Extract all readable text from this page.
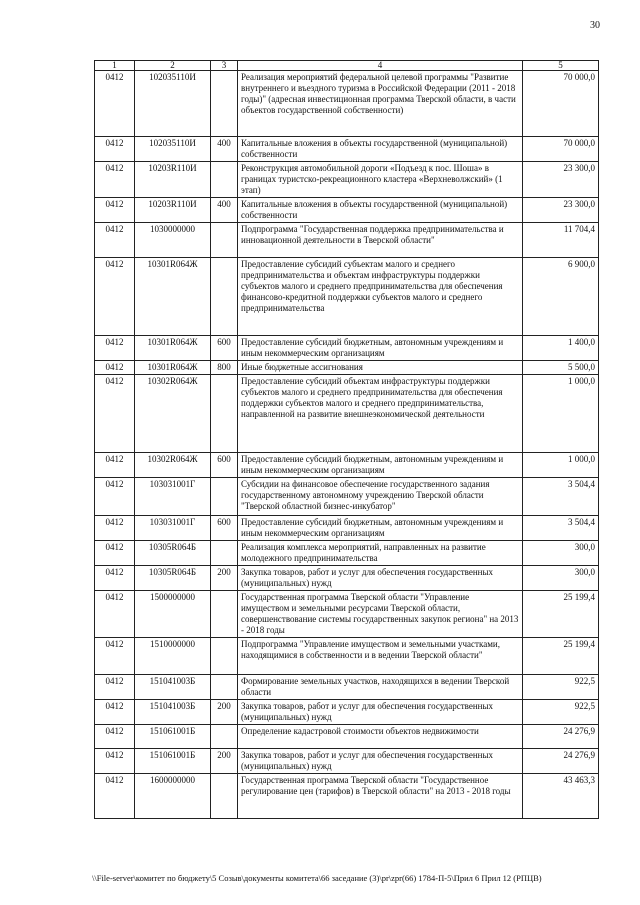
30
1	2	3	4	5
0412	102035110И		Реализация мероприятий федеральной целевой программы "Развитие внутреннего и въездного туризма в Российской Федерации (2011 - 2018 годы)" (адресная инвестиционная программа Тверской области, в части объектов государственной собственности)	70 000,0
0412	102035110И	400	Капитальные вложения в объекты государственной (муниципальной) собственности	70 000,0
0412	10203R110И		Реконструкция автомобильной дороги «Подъезд к пос. Шоша» в границах туристско-рекреационного кластера «Верхневолжский» (1 этап)	23 300,0
0412	10203R110И	400	Капитальные вложения в объекты государственной (муниципальной) собственности	23 300,0
0412	1030000000		Подпрограмма "Государственная поддержка предпринимательства и инновационной деятельности в Тверской области"	11 704,4
0412	10301R064Ж		Предоставление субсидий субъектам малого и среднего предпринимательства и объектам инфраструктуры поддержки субъектов малого и среднего предпринимательства для обеспечения финансово-кредитной поддержки субъектов малого и среднего предпринимательства	6 900,0
0412	10301R064Ж	600	Предоставление субсидий бюджетным, автономным учреждениям и иным некоммерческим организациям	1 400,0
0412	10301R064Ж	800	Иные бюджетные ассигнования	5 500,0
0412	10302R064Ж		Предоставление субсидий объектам инфраструктуры поддержки субъектов малого и среднего предпринимательства для обеспечения поддержки субъектов малого и среднего предпринимательства, направленной на развитие внешнеэкономической деятельности	1 000,0
0412	10302R064Ж	600	Предоставление субсидий бюджетным, автономным учреждениям и иным некоммерческим организациям	1 000,0
0412	103031001Г		Субсидии на финансовое обеспечение государственного задания государственному автономному учреждению Тверской области "Тверской областной бизнес-инкубатор"	3 504,4
0412	103031001Г	600	Предоставление субсидий бюджетным, автономным учреждениям и иным некоммерческим организациям	3 504,4
0412	10305R064Б		Реализация комплекса мероприятий, направленных на развитие молодежного предпринимательства	300,0
0412	10305R064Б	200	Закупка товаров, работ и услуг для обеспечения государственных (муниципальных) нужд	300,0
0412	1500000000		Государственная программа Тверской области "Управление имуществом и земельными ресурсами Тверской области, совершенствование системы государственных закупок региона" на 2013 - 2018 годы	25 199,4
0412	1510000000		Подпрограмма "Управление имуществом и земельными участками, находящимися в собственности и в ведении Тверской области"	25 199,4
0412	151041003Б		Формирование земельных участков, находящихся в ведении Тверской области	922,5
0412	151041003Б	200	Закупка товаров, работ и услуг для обеспечения государственных (муниципальных) нужд	922,5
0412	151061001Б		Определение кадастровой стоимости объектов недвижимости	24 276,9
0412	151061001Б	200	Закупка товаров, работ и услуг для обеспечения государственных (муниципальных) нужд	24 276,9
0412	1600000000		Государственная программа Тверской области "Государственное регулирование цен (тарифов) в Тверской области" на 2013 - 2018 годы	43 463,3
\\File-server\комитет по бюджету\5 Созыв\документы комитета\66 заседание (3)\pr\zpr(66) 1784-П-5\Прил 6 Прил 12 (РПЦВ)
